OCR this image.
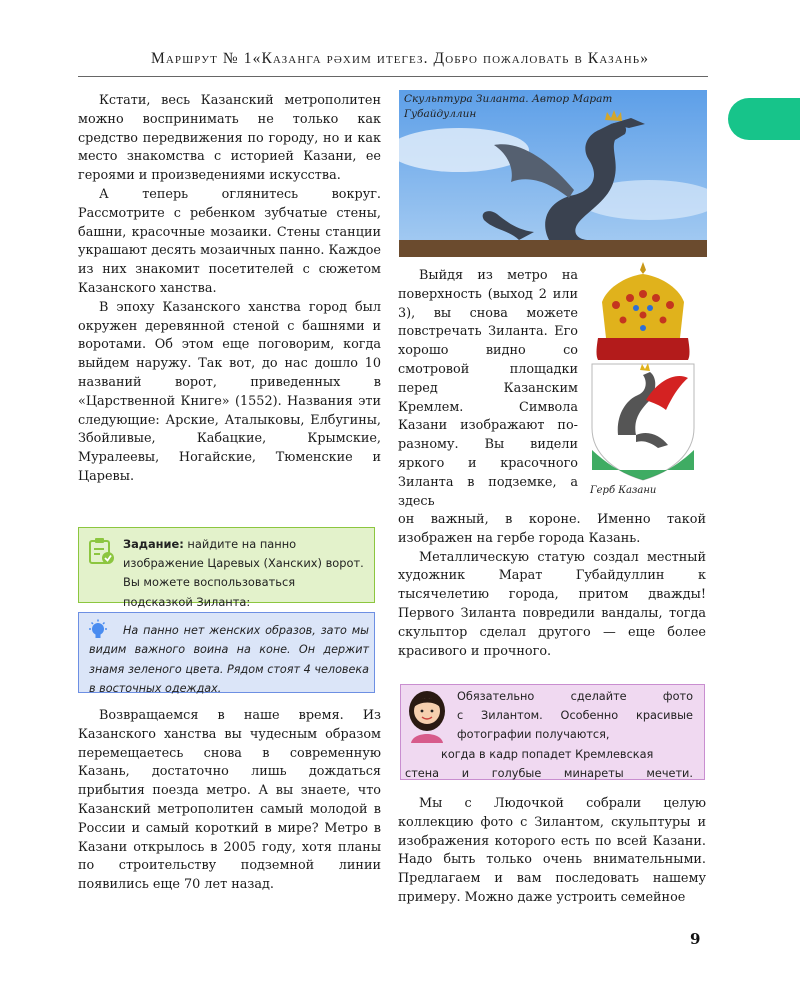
Маршрут № 1«Казанга рәхим итегез. Добро пожаловать в Казань»

Кстати, весь Казанский метрополитен можно воспринимать не только как средство передвижения по городу, но и как место знакомства с историей Казани, ее героями и произведениями искусства.

А теперь оглянитесь вокруг. Рассмотрите с ребенком зубчатые стены, башни, красочные мозаики. Стены станции украшают десять мозаичных панно. Каждое из них знакомит посетителей с сюжетом Казанского ханства.

В эпоху Казанского ханства город был окружен деревянной стеной с башнями и воротами. Об этом еще поговорим, когда выйдем наружу. Так вот, до нас дошло 10 названий ворот, приведенных в «Царственной Книге» (1552). Названия эти следующие: Арские, Аталыковы, Елбугины, Збойливые, Кабацкие, Крымские, Муралеевы, Ногайские, Тюменские и Царевы.

Задание: найдите на панно изображение Царевых (Ханских) ворот.
Вы можете воспользоваться подсказкой Зиланта:
На панно нет женских образов, зато мы видим важного воина на коне. Он держит знамя зеленого цвета. Рядом стоят 4 человека в восточных одеждах.

Возвращаемся в наше время. Из Казанского ханства вы чудесным образом перемещаетесь снова в современную Казань, достаточно лишь дождаться прибытия поезда метро. А вы знаете, что Казанский метрополитен самый молодой в России и самый короткий в мире? Метро в Казани открылось в 2005 году, хотя планы по строительству подземной линии появились еще 70 лет назад.

Скульптура Зиланта. Автор Марат Губайдуллин
Герб Казани

Выйдя из метро на поверхность (выход 2 или 3), вы снова можете повстречать Зиланта. Его хорошо видно со смотровой площадки перед Казанским Кремлем. Символа Казани изображают по-разному. Вы видели яркого и красочного Зиланта в подземке, а здесь

он важный, в короне. Именно такой изображен на гербе города Казань.

Металлическую статую создал местный художник Марат Губайдуллин к тысячелетию города, притом дважды! Первого Зиланта повредили вандалы, тогда скульптор сделал другого — еще более красивого и прочного.

Обязательно сделайте фото
с Зилантом. Особенно красивые фотографии получаются,
когда в кадр попадет Кремлевская
стена и голубые минареты мечети.

Мы с Людочкой собрали целую коллекцию фото с Зилантом, скульптуры и изображения которого есть по всей Казани. Надо быть только очень внимательными. Предлагаем и вам последовать нашему примеру. Можно даже устроить семейное

9
